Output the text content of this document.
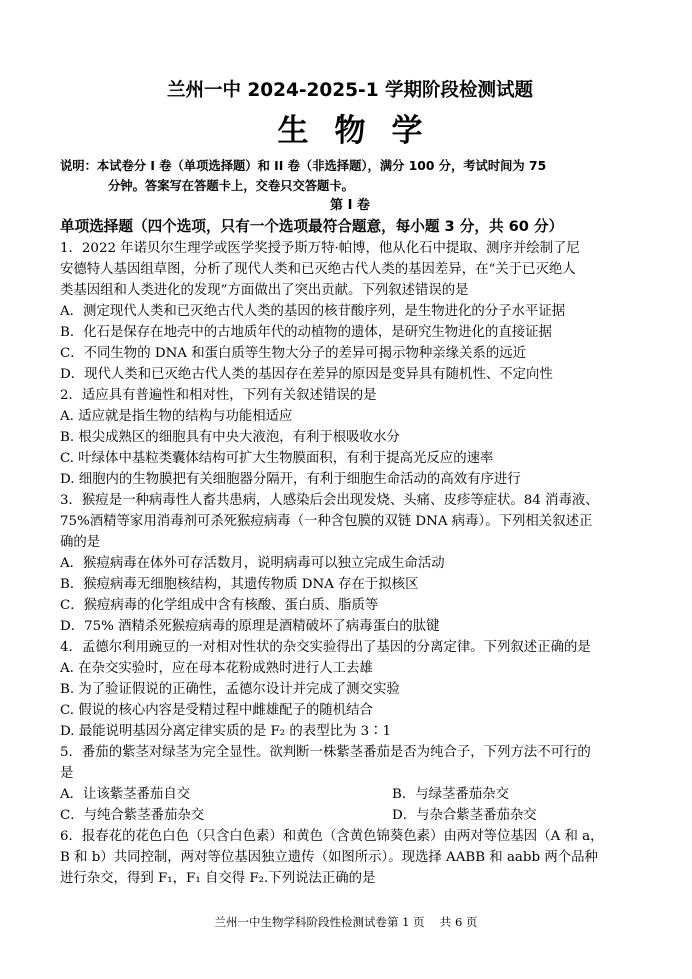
兰州一中 2024-2025-1 学期阶段检测试题

生物学

说明：本试卷分 I 卷（单项选择题）和 II 卷（非选择题），满分 100 分，考试时间为 75
分钟。答案写在答题卡上，交卷只交答题卡。

第 I 卷

单项选择题（四个选项，只有一个选项最符合题意，每小题 3 分，共 60 分）

1．2022 年诺贝尔生理学或医学奖授予斯万特·帕博，他从化石中提取、测序并绘制了尼

安德特人基因组草图，分析了现代人类和已灭绝古代人类的基因差异，在“关于已灭绝人

类基因组和人类进化的发现”方面做出了突出贡献。下列叙述错误的是

A．测定现代人类和已灭绝古代人类的基因的核苷酸序列，是生物进化的分子水平证据

B．化石是保存在地壳中的古地质年代的动植物的遗体，是研究生物进化的直接证据

C．不同生物的 DNA 和蛋白质等生物大分子的差异可揭示物种亲缘关系的远近

D．现代人类和已灭绝古代人类的基因存在差异的原因是变异具有随机性、不定向性

2．适应具有普遍性和相对性，下列有关叙述错误的是

A. 适应就是指生物的结构与功能相适应

B. 根尖成熟区的细胞具有中央大液泡，有利于根吸收水分

C. 叶绿体中基粒类囊体结构可扩大生物膜面积，有利于提高光反应的速率

D. 细胞内的生物膜把有关细胞器分隔开，有利于细胞生命活动的高效有序进行

3．猴痘是一种病毒性人畜共患病，人感染后会出现发烧、头痛、皮疹等症状。84 消毒液、

75%酒精等家用消毒剂可杀死猴痘病毒（一种含包膜的双链 DNA 病毒）。下列相关叙述正

确的是

A．猴痘病毒在体外可存活数月，说明病毒可以独立完成生命活动

B．猴痘病毒无细胞核结构，其遗传物质 DNA 存在于拟核区

C．猴痘病毒的化学组成中含有核酸、蛋白质、脂质等

D．75% 酒精杀死猴痘病毒的原理是酒精破坏了病毒蛋白的肽键

4．孟德尔利用豌豆的一对相对性状的杂交实验得出了基因的分离定律。下列叙述正确的是

A. 在杂交实验时，应在母本花粉成熟时进行人工去雄

B. 为了验证假说的正确性，孟德尔设计并完成了测交实验

C. 假说的核心内容是受精过程中雌雄配子的随机结合

D. 最能说明基因分离定律实质的是 F₂ 的表型比为 3∶1

5．番茄的紫茎对绿茎为完全显性。欲判断一株紫茎番茄是否为纯合子，下列方法不可行的

是

A．让该紫茎番茄自交	B．与绿茎番茄杂交
C．与纯合紫茎番茄杂交	D．与杂合紫茎番茄杂交

6．报春花的花色白色（只含白色素）和黄色（含黄色锦葵色素）由两对等位基因（A 和 a，

B 和 b）共同控制，两对等位基因独立遗传（如图所示）。现选择 AABB 和 aabb 两个品种

进行杂交，得到 F₁，F₁ 自交得 F₂.下列说法正确的是

兰州一中生物学科阶段性检测试卷第 1 页　 共 6 页
